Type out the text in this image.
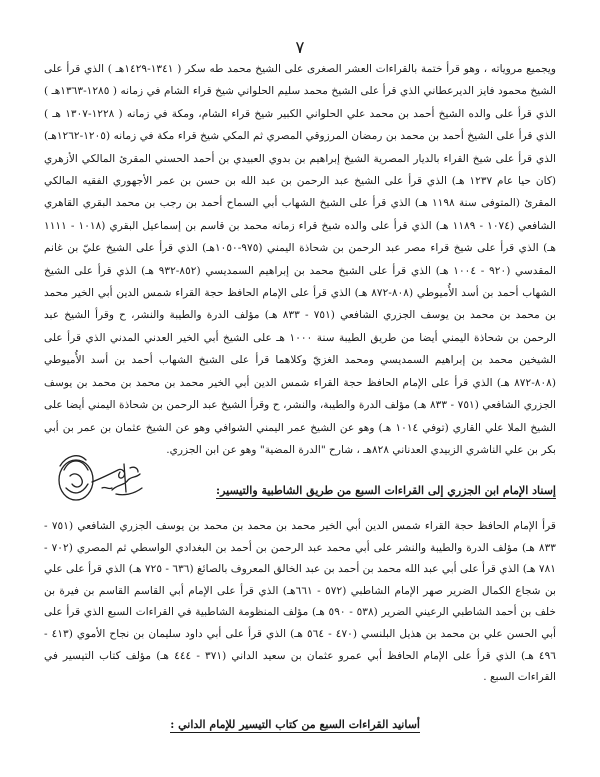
٧

ويجميع مروياته ، وهو قرأ ختمة بالقراءات العشر الصغرى على الشيخ محمد طه سكر ( ١٣٤١-١٤٢٩هـ ) الذي قرأ على الشيخ محمود فايز الديرعطاني الذي قرأ على الشيخ محمد سليم الحلواني شيخ قراء الشام في زمانه ( ١٢٨٥-١٣٦٣هـ ) الذي قرأ على والده الشيخ أحمد بن محمد علي الحلواني الكبير شيخ قراء الشام، ومكة في زمانه ( ١٢٢٨-١٣٠٧ هـ ) الذي قرأ على الشيخ أحمد بن محمد بن رمضان المرزوقي المصري ثم المكي شيخ قراء مكة في زمانه (١٢٠٥-١٢٦٢هـ) الذي قرأ على شيخ القراء بالديار المصرية الشيخ إبراهيم بن بدوي العبيدي بن أحمد الحسني المقرئ المالكي الأزهري (كان حيا عام ١٢٣٧ هـ) الذي قرأ على الشيخ عبد الرحمن بن عبد الله بن حسن بن عمر الأجهوري الفقيه المالكي المقرئ (المتوفى سنة ١١٩٨ هـ) الذي قرأ على الشيخ الشهاب أبي السماح أحمد بن رجب بن محمد البقري القاهري الشافعي (١٠٧٤ - ١١٨٩ هـ) الذي قرأ على والده شيخ قراء زمانه محمد بن قاسم بن إسماعيل البقري (١٠١٨ - ١١١١ هـ) الذي قرأ على شيخ قراء مصر عبد الرحمن بن شحاذة اليمني (٩٧٥-١٠٥٠هـ) الذي قرأ على الشيخ عليّ بن غانم المقدسي (٩٢٠ - ١٠٠٤ هـ) الذي قرأ على الشيخ محمد بن إبراهيم السمديسي (٨٥٢-٩٣٢ هـ) الذي قرأ على الشيخ الشهاب أحمد بن أسد الأُميوطي (٨٠٨-٨٧٢ هـ) الذي قرأ على الإمام الحافظ حجة القراء شمس الدين أبي الخير محمد بن محمد بن محمد بن يوسف الجزري الشافعي (٧٥١ - ٨٣٣ هـ) مؤلف الدرة والطيبة والنشر، ح وقرأ الشيخ عبد الرحمن بن شحاذة اليمني أيضا من طريق الطيبة سنة ١٠٠٠ هـ على الشيخ أبي الخير العدني المدني الذي قرأ على الشيخين محمد بن إبراهيم السمديسي ومحمد الغزيّ وكلاهما قرأ على الشيخ الشهاب أحمد بن أسد الأُميوطي (٨٠٨-٨٧٢ هـ) الذي قرأ على الإمام الحافظ حجة القراء شمس الدين أبي الخير محمد بن محمد بن محمد بن يوسف الجزري الشافعي (٧٥١ - ٨٣٣ هـ) مؤلف الدرة والطيبة، والنشر، ح وقرأ الشيخ عبد الرحمن بن شحاذة اليمني أيضا على الشيخ الملا علي القاري (توفي ١٠١٤ هـ) وهو عن الشيخ عمر اليمني الشوافي وهو عن الشيخ عثمان بن عمر بن أبي بكر بن علي الناشري الزبيدي العدناني ٨٢٨هـ ، شارح "الدرة المضية" وهو عن ابن الجزري.

إسناد الإمام ابن الجزري إلى القراءات السبع من طريق الشاطبية والتيسير:

قرأ الإمام الحافظ حجة القراء شمس الدين أبي الخير محمد بن محمد بن محمد بن يوسف الجزري الشافعي (٧٥١ - ٨٣٣ هـ) مؤلف الدرة والطيبة والنشر على أبي محمد عبد الرحمن بن أحمد بن البغدادي الواسطي ثم المصري (٧٠٢ - ٧٨١ هـ) الذي قرأ على أبي عبد الله محمد بن أحمد بن عبد الخالق المعروف بالصائغ (٦٣٦ - ٧٢٥ هـ) الذي قرأ على علي بن شجاع الكمال الضرير صهر الإمام الشاطبي (٥٧٢ - ٦٦١هـ) الذي قرأ على الإمام أبي القاسم القاسم بن فيرة بن خلف بن أحمد الشاطبي الرعيني الضرير (٥٣٨ - ٥٩٠ هـ) مؤلف المنظومة الشاطبية في القراءات السبع الذي قرأ على أبي الحسن علي بن محمد بن هذيل البلنسي (٤٧٠ - ٥٦٤ هـ) الذي قرأ على أبي داود سليمان بن نجاح الأموي (٤١٣ - ٤٩٦ هـ) الذي قرأ على الإمام الحافظ أبي عمرو عثمان بن سعيد الداني (٣٧١ - ٤٤٤ هـ) مؤلف كتاب التيسير في القراءات السبع .

أسانيد القراءات السبع من كتاب التيسير للإمام الداني :
